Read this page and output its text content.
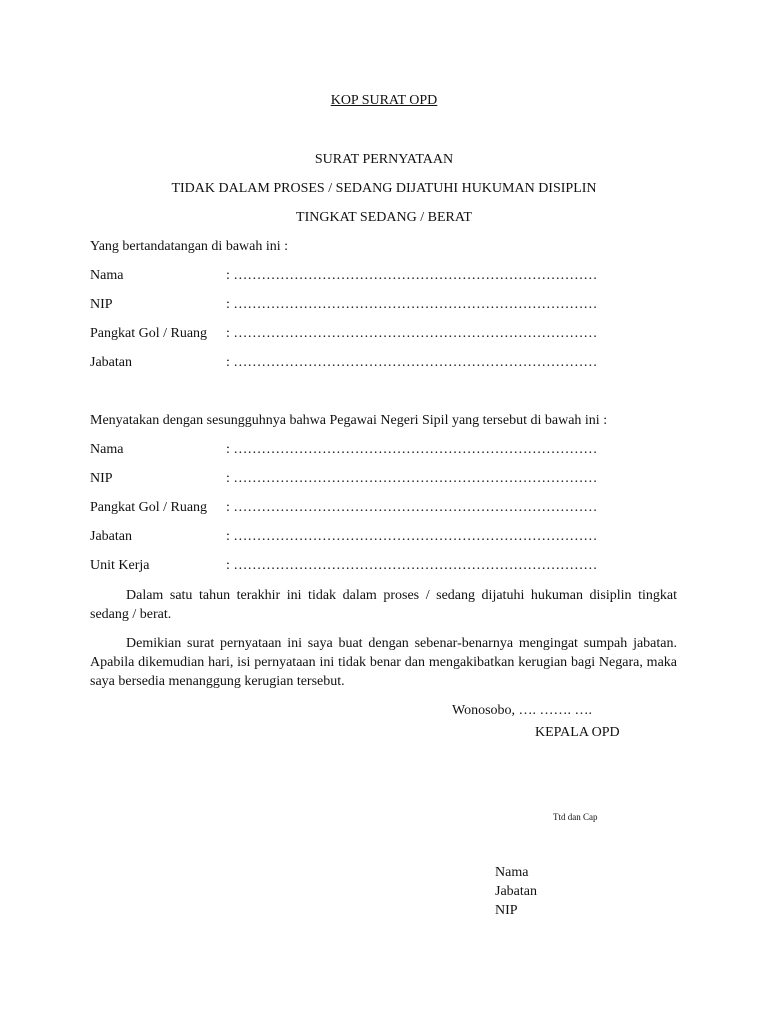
KOP SURAT OPD
SURAT PERNYATAAN
TIDAK DALAM PROSES / SEDANG DIJATUHI HUKUMAN DISIPLIN
TINGKAT SEDANG / BERAT
Yang bertandatangan di bawah ini :
Nama	: ……………………………………………………………………
NIP	: ……………………………………………………………………
Pangkat Gol / Ruang : ……………………………………………………………………
Jabatan	: ……………………………………………………………………
Menyatakan dengan sesungguhnya bahwa Pegawai Negeri Sipil yang tersebut di bawah ini :
Nama	: ……………………………………………………………………
NIP	: ……………………………………………………………………
Pangkat Gol / Ruang : ……………………………………………………………………
Jabatan	: ……………………………………………………………………
Unit Kerja	: ……………………………………………………………………
Dalam satu tahun terakhir ini tidak dalam proses / sedang dijatuhi hukuman disiplin tingkat sedang / berat.
Demikian surat pernyataan ini saya buat dengan sebenar-benarnya mengingat sumpah jabatan. Apabila dikemudian hari, isi pernyataan ini tidak benar dan mengakibatkan kerugian bagi Negara, maka saya bersedia menanggung kerugian tersebut.
Wonosobo, …. ……. ….
KEPALA OPD
Ttd dan Cap
Nama
Jabatan
NIP
